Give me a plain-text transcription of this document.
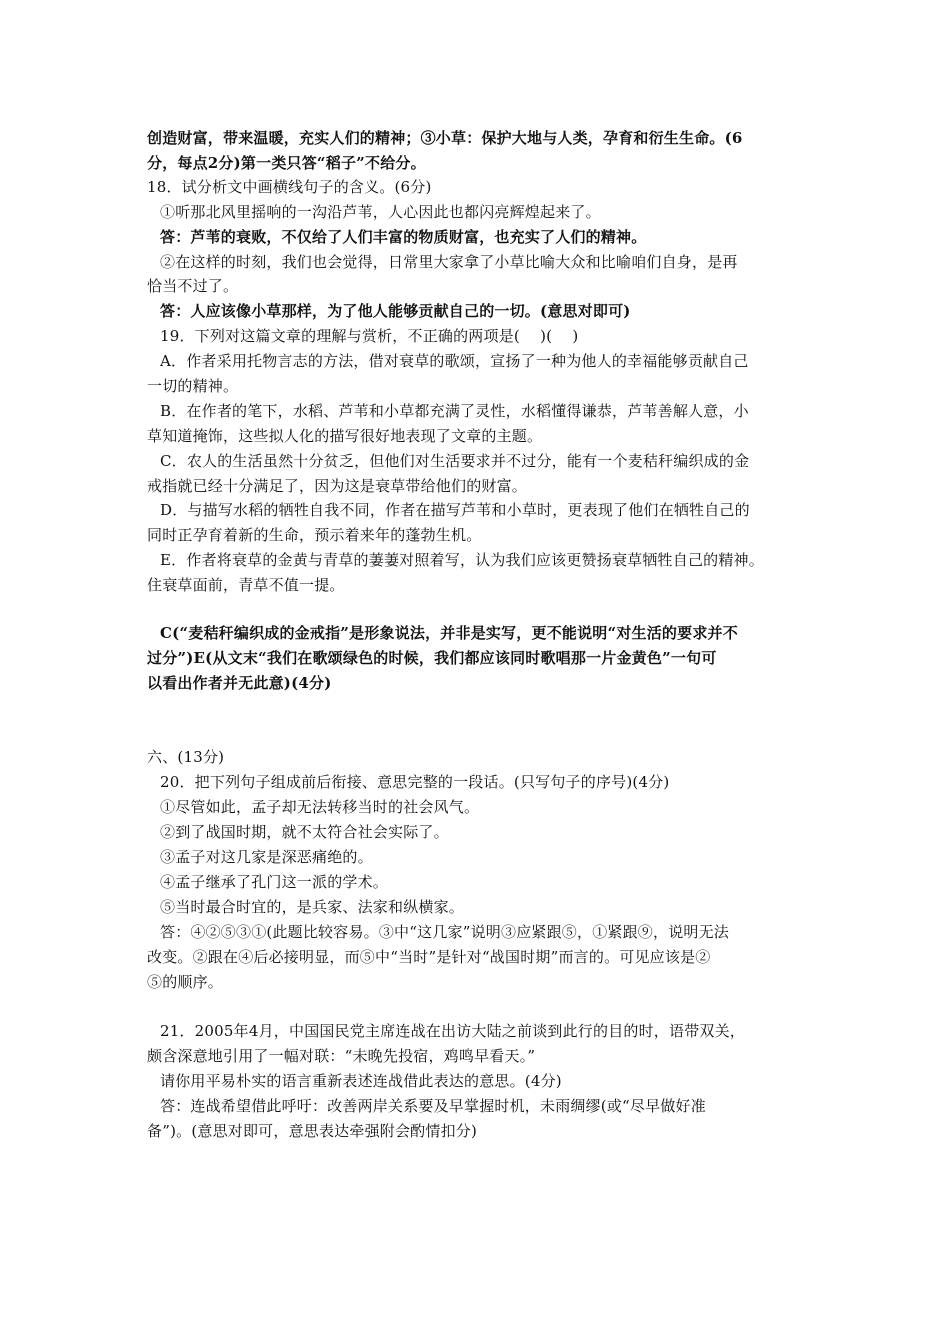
创造财富，带来温暖，充实人们的精神；③小草：保护大地与人类，孕育和衍生生命。(6
分，每点2分)第一类只答“稻子”不给分。
18．试分析文中画横线句子的含义。(6分)
①听那北风里摇响的一沟沿芦苇，人心因此也都闪亮辉煌起来了。
答：芦苇的衰败，不仅给了人们丰富的物质财富，也充实了人们的精神。
②在这样的时刻，我们也会觉得，日常里大家拿了小草比喻大众和比喻咱们自身，是再
恰当不过了。
答：人应该像小草那样，为了他人能够贡献自己的一切。(意思对即可)
19．下列对这篇文章的理解与赏析，不正确的两项是(　 )(　 )
A．作者采用托物言志的方法，借对衰草的歌颂，宣扬了一种为他人的幸福能够贡献自己
一切的精神。
B．在作者的笔下，水稻、芦苇和小草都充满了灵性，水稻懂得谦恭，芦苇善解人意，小
草知道掩饰，这些拟人化的描写很好地表现了文章的主题。
C．农人的生活虽然十分贫乏，但他们对生活要求并不过分，能有一个麦秸秆编织成的金
戒指就已经十分满足了，因为这是衰草带给他们的财富。
D．与描写水稻的牺牲自我不同，作者在描写芦苇和小草时，更表现了他们在牺牲自己的
同时正孕育着新的生命，预示着来年的蓬勃生机。
E．作者将衰草的金黄与青草的萋萋对照着写，认为我们应该更赞扬衰草牺牲自己的精神。
住衰草面前，青草不值一提。
C(“麦秸秆编织成的金戒指”是形象说法，并非是实写，更不能说明“对生活的要求并不
过分”)E(从文末“我们在歌颂绿色的时候，我们都应该同时歌唱那一片金黄色”一句可
以看出作者并无此意)(4分)
六、(13分)
20．把下列句子组成前后衔接、意思完整的一段话。(只写句子的序号)(4分)
①尽管如此，孟子却无法转移当时的社会风气。
②到了战国时期，就不太符合社会实际了。
③孟子对这几家是深恶痛绝的。
④孟子继承了孔门这一派的学术。
⑤当时最合时宜的，是兵家、法家和纵横家。
答：④②⑤③①(此题比较容易。③中“这几家”说明③应紧跟⑤，①紧跟⑨，说明无法
改变。②跟在④后必接明显，而⑤中“当时”是针对“战国时期”而言的。可见应该是②
⑤的顺序。
21．2005年4月，中国国民党主席连战在出访大陆之前谈到此行的目的时，语带双关，
颇含深意地引用了一幅对联：“未晚先投宿，鸡鸣早看天。”
请你用平易朴实的语言重新表述连战借此表达的意思。(4分)
答：连战希望借此呼吁：改善两岸关系要及早掌握时机，未雨绸缪(或“尽早做好准
备”)。(意思对即可，意思表达牵强附会酌情扣分)
